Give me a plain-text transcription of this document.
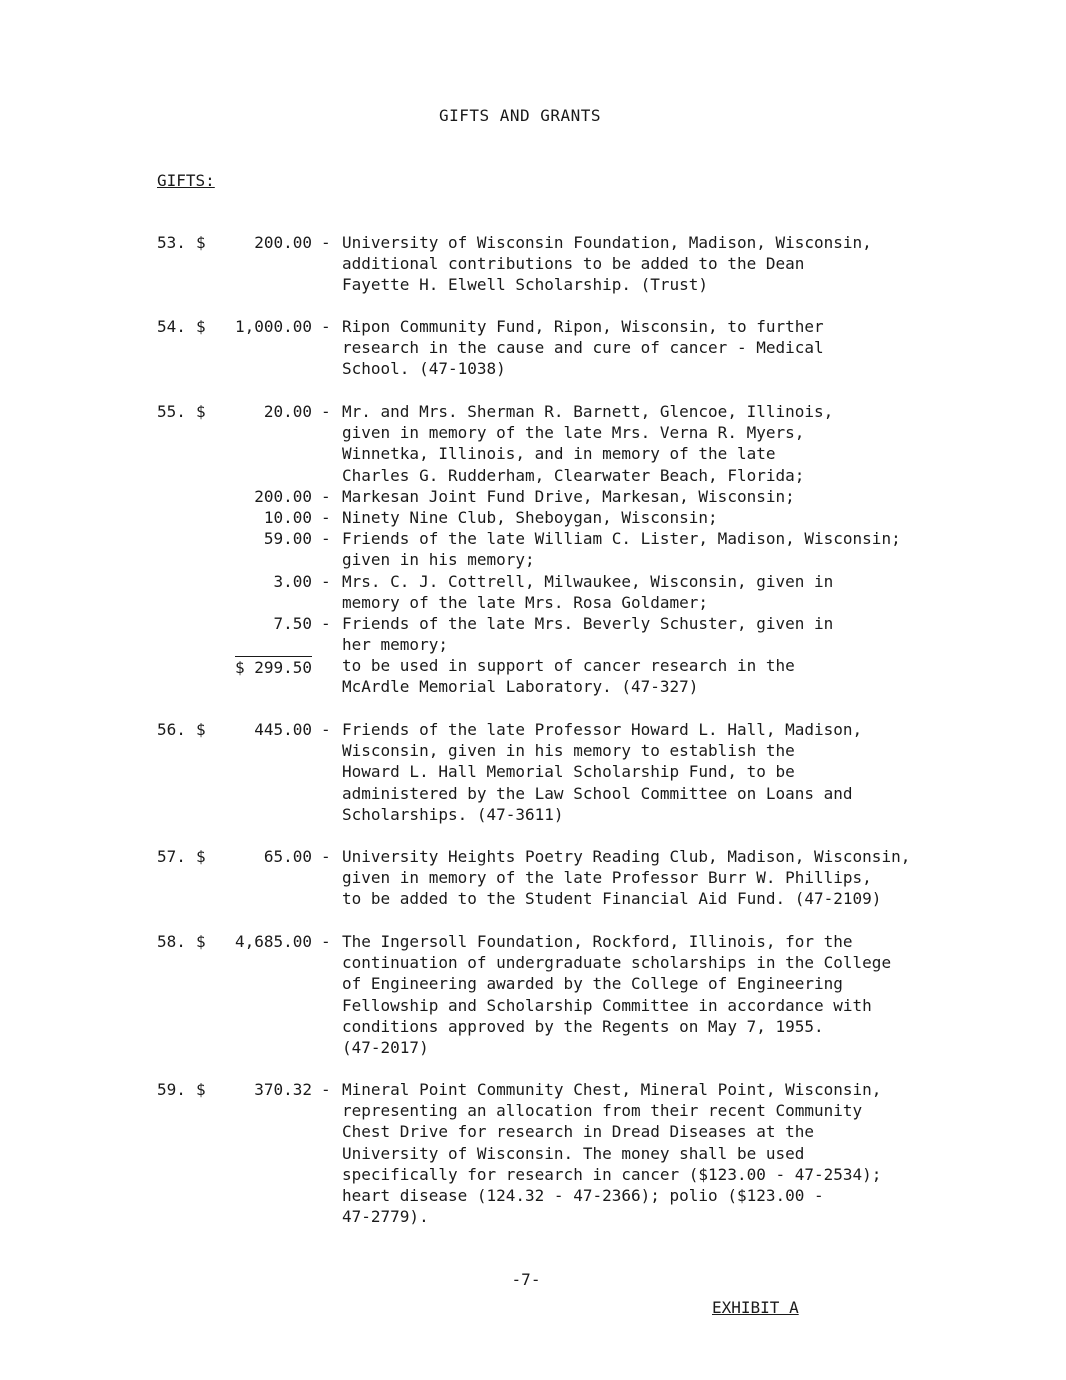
GIFTS AND GRANTS
GIFTS:
53. $	200.00 - University of Wisconsin Foundation, Madison, Wisconsin,
additional contributions to be added to the Dean
Fayette H. Elwell Scholarship. (Trust)
54. $ 1,000.00 - Ripon Community Fund, Ripon, Wisconsin, to further
research in the cause and cure of cancer - Medical
School. (47-1038)
55. $	20.00 - Mr. and Mrs. Sherman R. Barnett, Glencoe, Illinois,
given in memory of the late Mrs. Verna R. Myers,
Winnetka, Illinois, and in memory of the late
Charles G. Rudderham, Clearwater Beach, Florida;
200.00 - Markesan Joint Fund Drive, Markesan, Wisconsin;
10.00 - Ninety Nine Club, Sheboygan, Wisconsin;
59.00 - Friends of the late William C. Lister, Madison, Wisconsin;
given in his memory;
3.00 - Mrs. C. J. Cottrell, Milwaukee, Wisconsin, given in
memory of the late Mrs. Rosa Goldamer;
7.50 - Friends of the late Mrs. Beverly Schuster, given in
her memory;
$ 299.50 to be used in support of cancer research in the
McArdle Memorial Laboratory. (47-327)
56. $	445.00 - Friends of the late Professor Howard L. Hall, Madison,
Wisconsin, given in his memory to establish the
Howard L. Hall Memorial Scholarship Fund, to be
administered by the Law School Committee on Loans and
Scholarships. (47-3611)
57. $	65.00 - University Heights Poetry Reading Club, Madison, Wisconsin,
given in memory of the late Professor Burr W. Phillips,
to be added to the Student Financial Aid Fund. (47-2109)
58. $ 4,685.00 - The Ingersoll Foundation, Rockford, Illinois, for the
continuation of undergraduate scholarships in the College
of Engineering awarded by the College of Engineering
Fellowship and Scholarship Committee in accordance with
conditions approved by the Regents on May 7, 1955.
(47-2017)
59. $	370.32 - Mineral Point Community Chest, Mineral Point, Wisconsin,
representing an allocation from their recent Community
Chest Drive for research in Dread Diseases at the
University of Wisconsin. The money shall be used
specifically for research in cancer ($123.00 - 47-2534);
heart disease (124.32 - 47-2366); polio ($123.00 -
47-2779).
-7-
EXHIBIT A
